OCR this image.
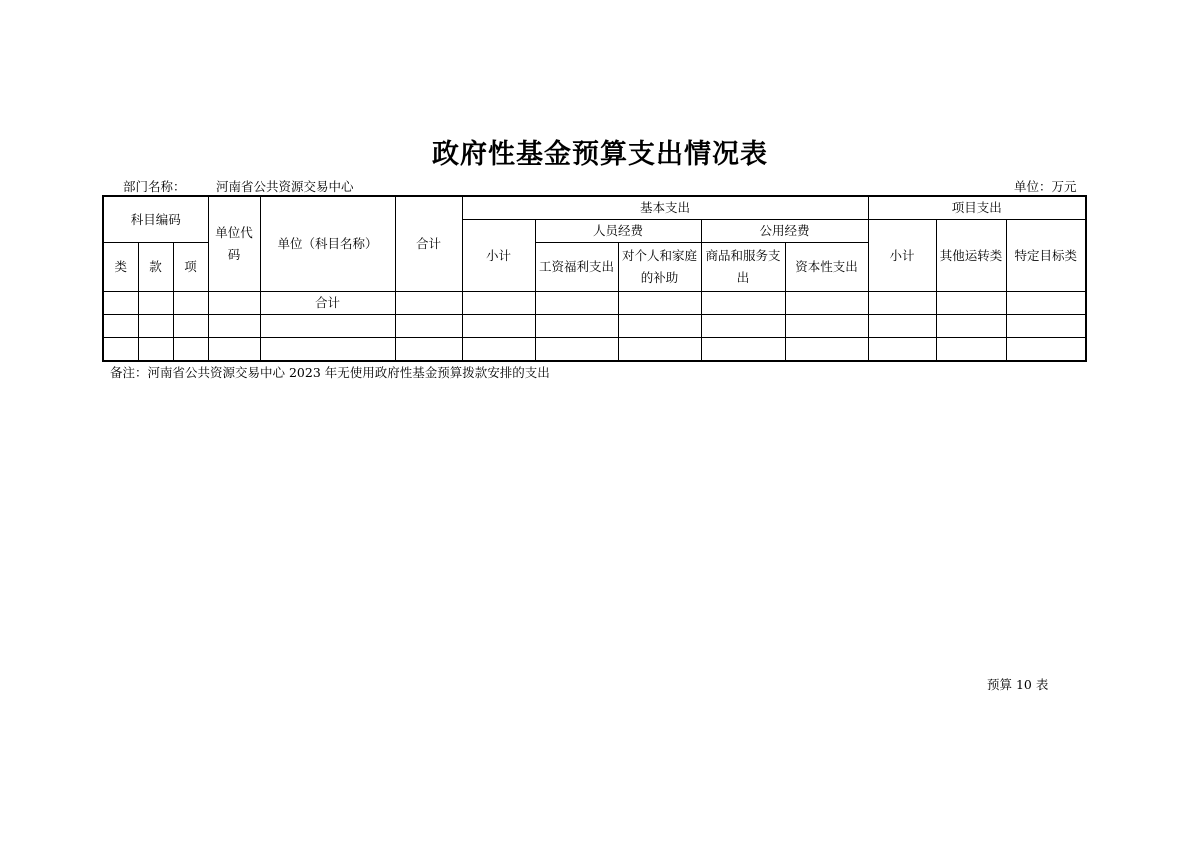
政府性基金预算支出情况表
部门名称： 河南省公共资源交易中心	单位：万元
科目编码			单位代码	单位（科目名称）	合计	基本支出					项目支出		
						小计	人员经费		公用经费		小计	其他运转类	特定目标类
类	款	项					工资福利支出	对个人和家庭的补助	商品和服务支出	资本性支出			
				合计									

备注：河南省公共资源交易中心 2023 年无使用政府性基金预算拨款安排的支出
预算 10 表
